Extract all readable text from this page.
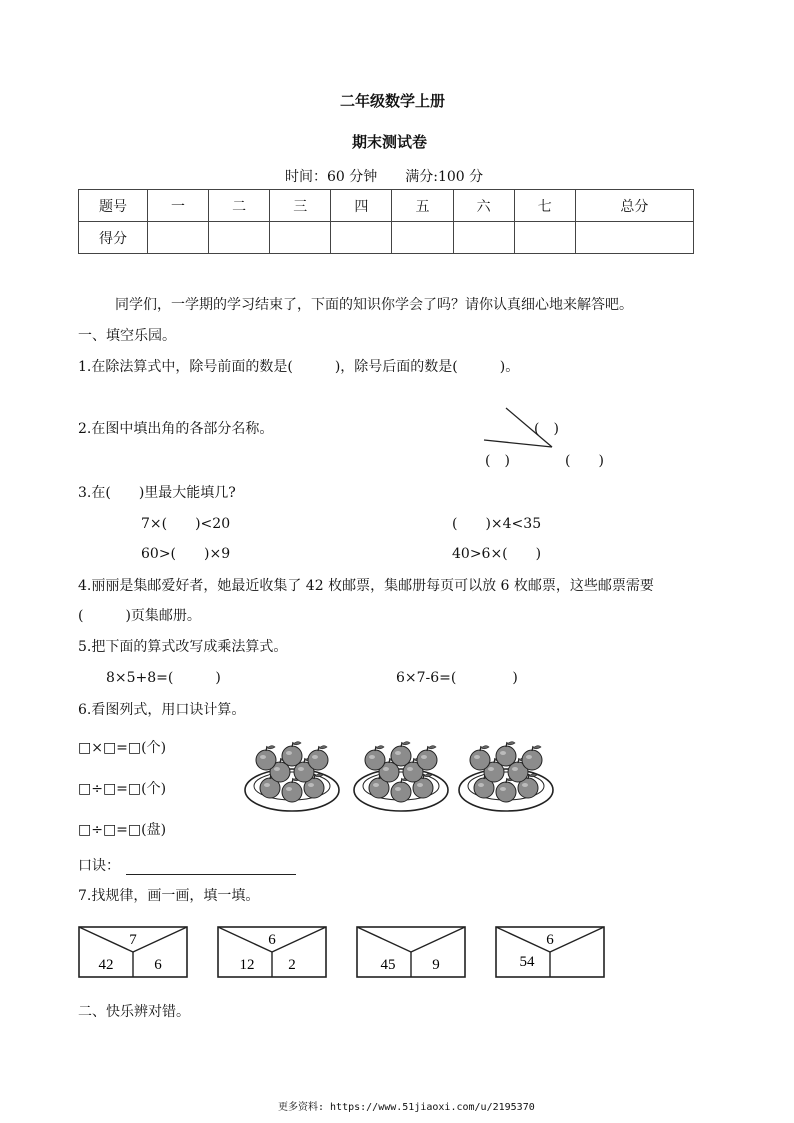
二年级数学上册
期末测试卷
时间：60 分钟　　满分:100 分
题号	一	二	三	四	五	六	七	总分
得分								
同学们，一学期的学习结束了，下面的知识你学会了吗？请你认真细心地来解答吧。
一、填空乐园。
1.在除法算式中，除号前面的数是(　　　)，除号后面的数是(　　　)。
2.在图中填出角的各部分名称。	(　)
(　)	(　　)
3.在(　　)里最大能填几?
7×(　　)<20	(　　)×4<35
60>(　　)×9	40>6×(　　)
4.丽丽是集邮爱好者，她最近收集了 42 枚邮票，集邮册每页可以放 6 枚邮票，这些邮票需要
(　　　)页集邮册。
5.把下面的算式改写成乘法算式。
8×5+8=(　　　)	6×7-6=(　　　　)
6.看图列式，用口诀计算。
□×□=□(个)
□÷□=□(个)
□÷□=□(盘)
口诀：
7.找规律，画一画，填一填。
7
42	6
6
12 2	45 9
6
54
二、快乐辨对错。
更多资料: https://www.51jiaoxi.com/u/2195370
